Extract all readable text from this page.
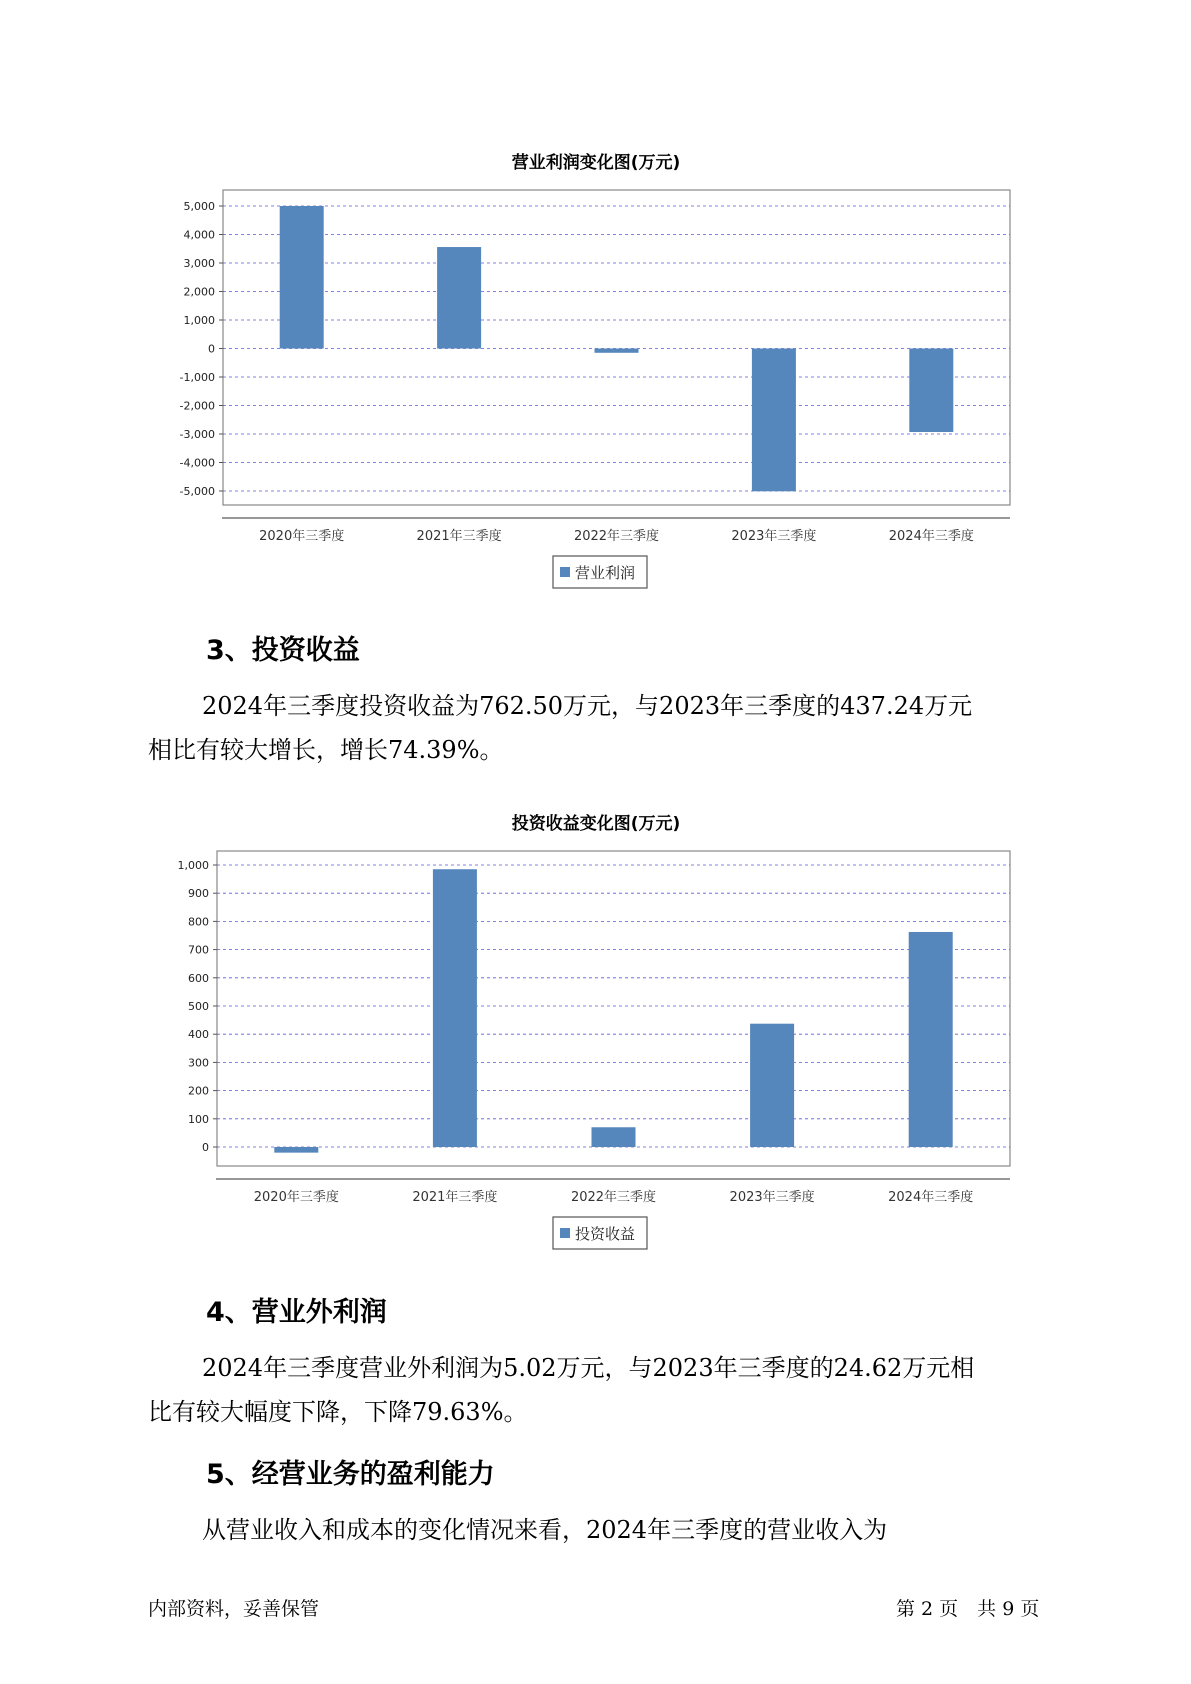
营业利润变化图(万元)
5,000
4,000
3,000
2,000
1,000
0
-1,000
-2,000
-3,000
-4,000
-5,000
2020年三季度	2021年三季度	2022年三季度	2023年三季度	2024年三季度
营业利润
3、投资收益

2024年三季度投资收益为762.50万元，与2023年三季度的437.24万元

相比有较大增长，增长74.39%。

投资收益变化图(万元)
1,000
900
800
700
600
500
400
300
200
100
0
2020年三季度	2021年三季度	2022年三季度	2023年三季度	2024年三季度
投资收益
4、营业外利润

2024年三季度营业外利润为5.02万元，与2023年三季度的24.62万元相

比有较大幅度下降，下降79.63%。

5、经营业务的盈利能力

从营业收入和成本的变化情况来看，2024年三季度的营业收入为

内部资料，妥善保管	第 2 页　共 9 页
